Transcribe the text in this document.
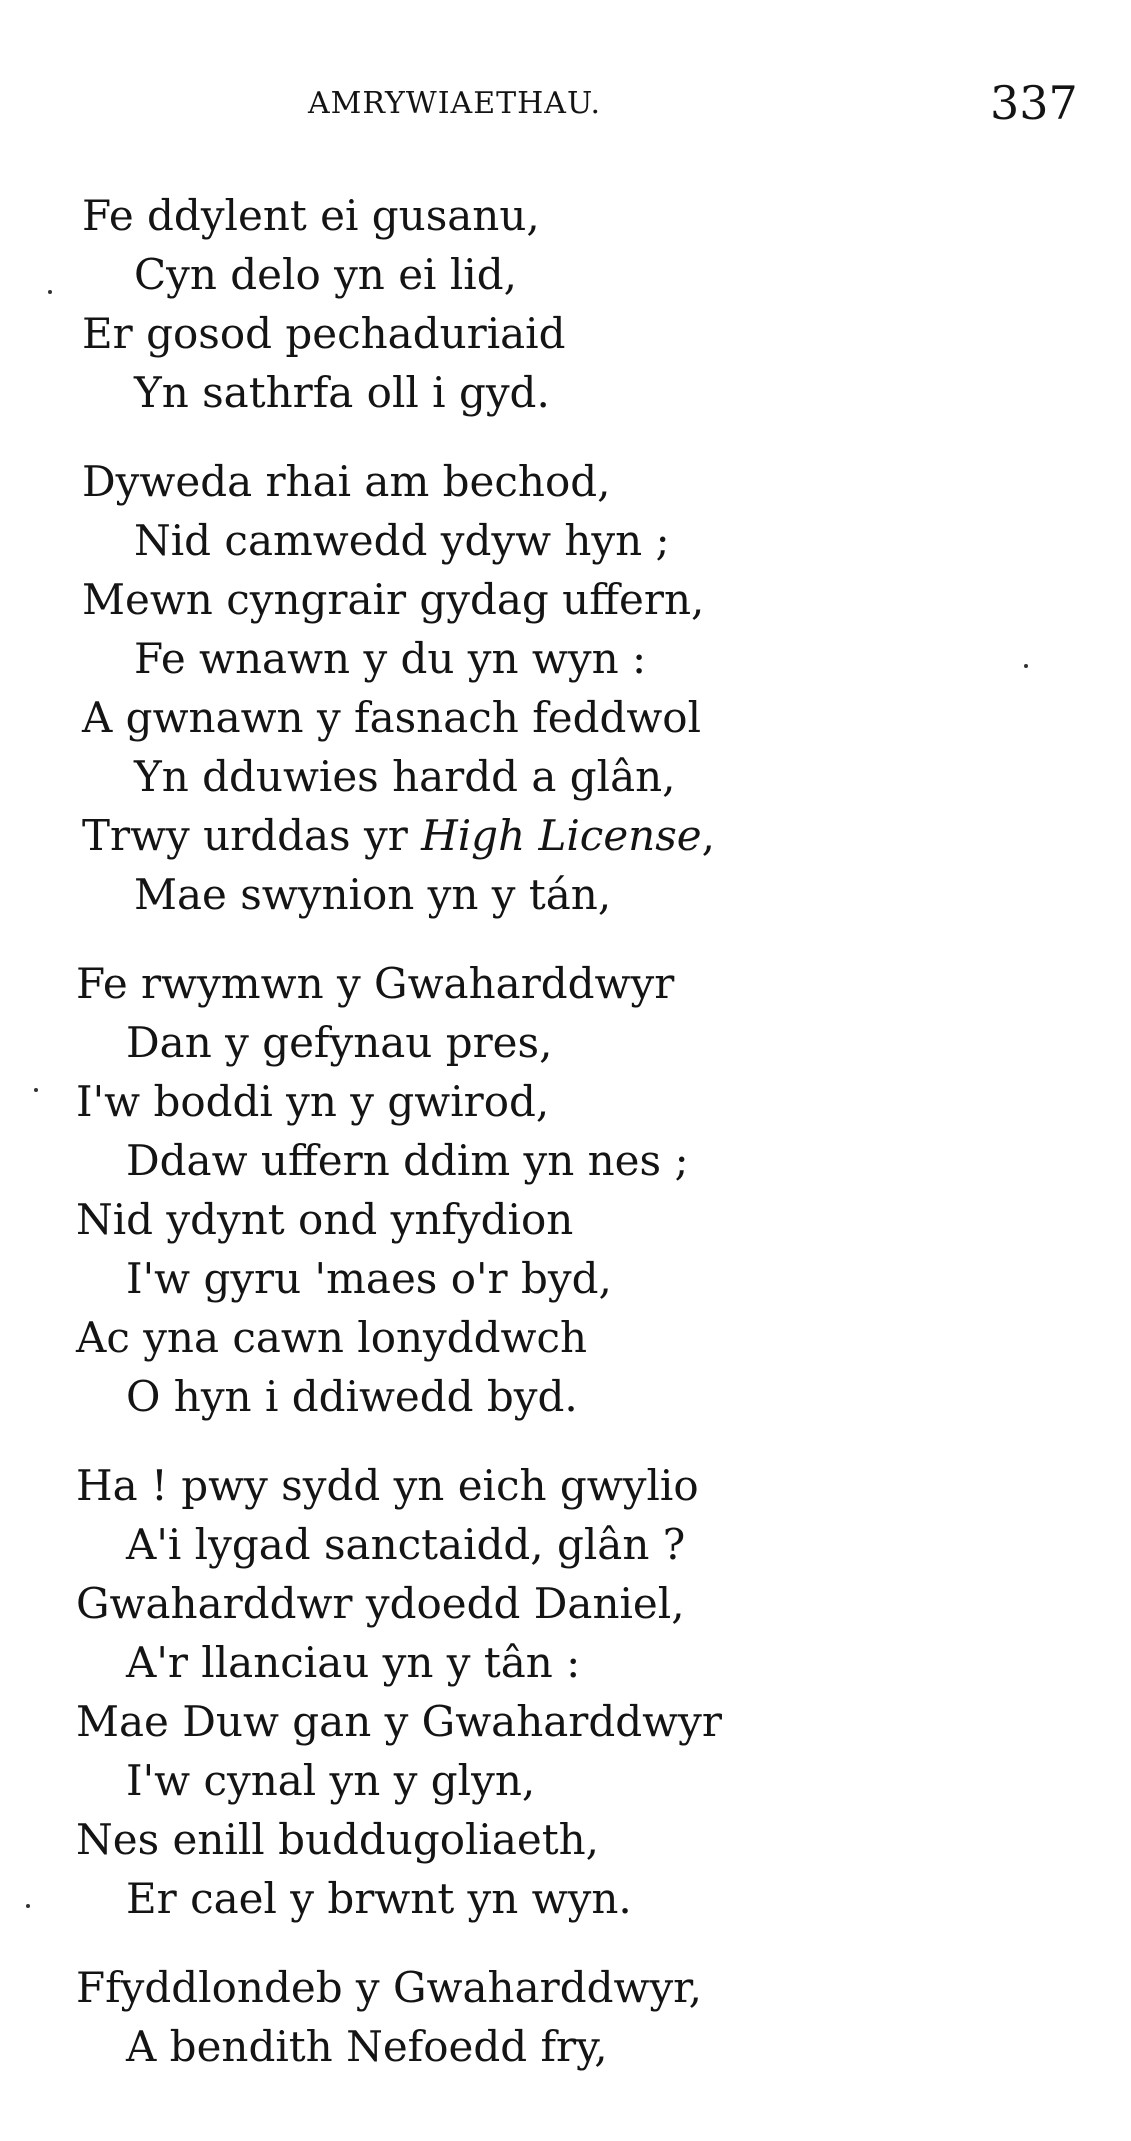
AMRYWIAETHAU.	337
Fe ddylent ei gusanu,
Cyn delo yn ei lid,
Er gosod pechaduriaid
Yn sathrfa oll i gyd.
Dyweda rhai am bechod,
Nid camwedd ydyw hyn ;
Mewn cyngrair gydag uffern,
Fe wnawn y du yn wyn :
A gwnawn y fasnach feddwol
Yn dduwies hardd a glân,
Trwy urddas yr High License,
Mae swynion yn y tán,
Fe rwymwn y Gwaharddwyr
Dan y gefynau pres,
I'w boddi yn y gwirod,
Ddaw uffern ddim yn nes ;
Nid ydynt ond ynfydion
I'w gyru 'maes o'r byd,
Ac yna cawn lonyddwch
O hyn i ddiwedd byd.
Ha ! pwy sydd yn eich gwylio
A'i lygad sanctaidd, glân ?
Gwaharddwr ydoedd Daniel,
A'r llanciau yn y tân :
Mae Duw gan y Gwaharddwyr
I'w cynal yn y glyn,
Nes enill buddugoliaeth,
Er cael y brwnt yn wyn.
Ffyddlondeb y Gwaharddwyr,
A bendith Nefoedd fry,
